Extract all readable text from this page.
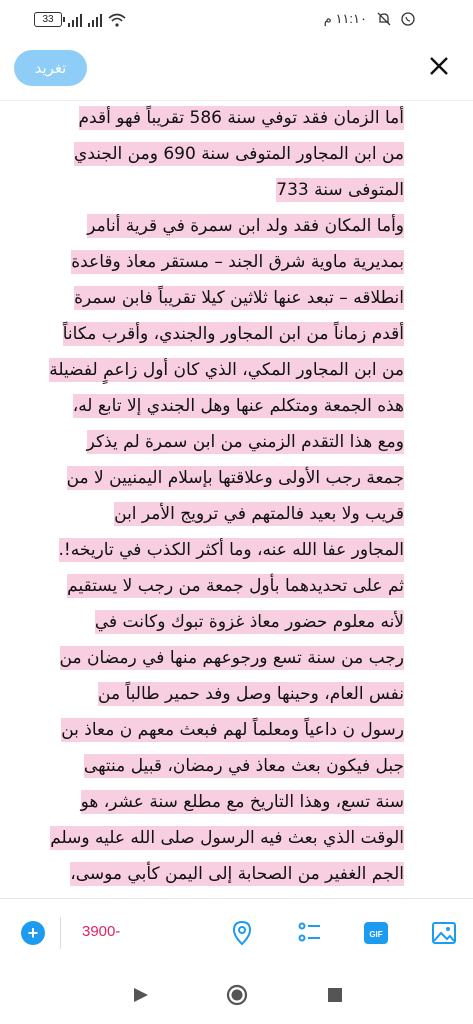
33	١١:١٠ م
تغريد
أما الزمان فقد توفي سنة 586 تقريباً فهو أقدم
من ابن المجاور المتوفى سنة 690 ومن الجندي
المتوفى سنة 733
وأما المكان فقد ولد ابن سمرة في قرية أنامر
بمديرية ماوية شرق الجند – مستقر معاذ وقاعدة
انطلاقه – تبعد عنها ثلاثين كيلا تقريباً فابن سمرة
أقدم زماناً من ابن المجاور والجندي، وأقرب مكاناً
من ابن المجاور المكي، الذي كان أول زاعمٍ لفضيلة
هذه الجمعة ومتكلم عنها وهل الجندي إلا تابع له،
ومع هذا التقدم الزمني من ابن سمرة لم يذكر
جمعة رجب الأولى وعلاقتها بإسلام اليمنيين لا من
قريب ولا بعيد فالمتهم في ترويج الأمر ابن
المجاور عفا الله عنه، وما أكثر الكذب في تاريخه!.
ثم على تحديدهما بأول جمعة من رجب لا يستقيم
لأنه معلوم حضور معاذ غزوة تبوك وكانت في
رجب من سنة تسع ورجوعهم منها في رمضان من
نفس العام، وحينها وصل وفد حمير طالباً من
رسول ن داعياً ومعلماً لهم فبعث معهم ن معاذ بن
جبل فيكون بعث معاذ في رمضان، قبيل منتهى
سنة تسع، وهذا التاريخ مع مطلع سنة عشر، هو
الوقت الذي بعث فيه الرسول صلى الله عليه وسلم
الجم الغفير من الصحابة إلى اليمن كأبي موسى،
+	3900-	GIF
